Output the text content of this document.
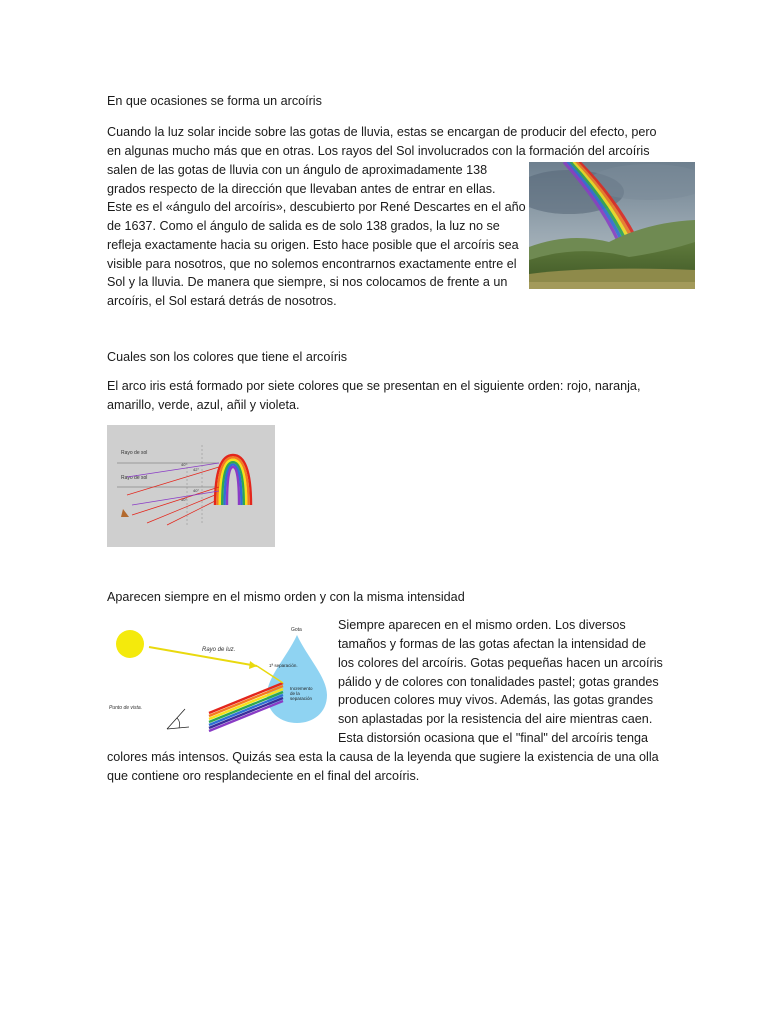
En que ocasiones se forma un arcoíris

Cuando la luz solar incide sobre las gotas de lluvia, estas se encargan de producir del efecto, pero

en algunas mucho más que en otras. Los rayos del Sol involucrados con la formación del arcoíris

salen de las gotas de lluvia con un ángulo de aproximadamente 138

grados respecto de la dirección que llevaban antes de entrar en ellas.

Este es el «ángulo del arcoíris», descubierto por René Descartes en el año

de 1637. Como el ángulo de salida es de solo 138 grados, la luz no se

refleja exactamente hacia su origen. Esto hace posible que el arcoíris sea

visible para nosotros, que no solemos encontrarnos exactamente entre el

Sol y la lluvia. De manera que siempre, si nos colocamos de frente a un

arcoíris, el Sol estará detrás de nosotros.

Cuales son los colores que tiene el arcoíris

El arco iris está formado por siete colores que se presentan en el siguiente orden: rojo, naranja,

amarillo, verde, azul, añil y violeta.

Rayo de sol
Rayo de sol
42°
40°
40°
50°

Aparecen siempre en el mismo orden y con la misma intensidad

Rayo de luz.
Gota
1ª separación.
Incremento
de la
separación
Punto de vista.

Siempre aparecen en el mismo orden. Los diversos

tamaños y formas de las gotas afectan la intensidad de

los colores del arcoíris. Gotas pequeñas hacen un arcoíris

pálido y de colores con tonalidades pastel; gotas grandes

producen colores muy vivos. Además, las gotas grandes

son aplastadas por la resistencia del aire mientras caen.

Esta distorsión ocasiona que el "final" del arcoíris tenga

colores más intensos. Quizás sea esta la causa de la leyenda que sugiere la existencia de una olla

que contiene oro resplandeciente en el final del arcoíris.
